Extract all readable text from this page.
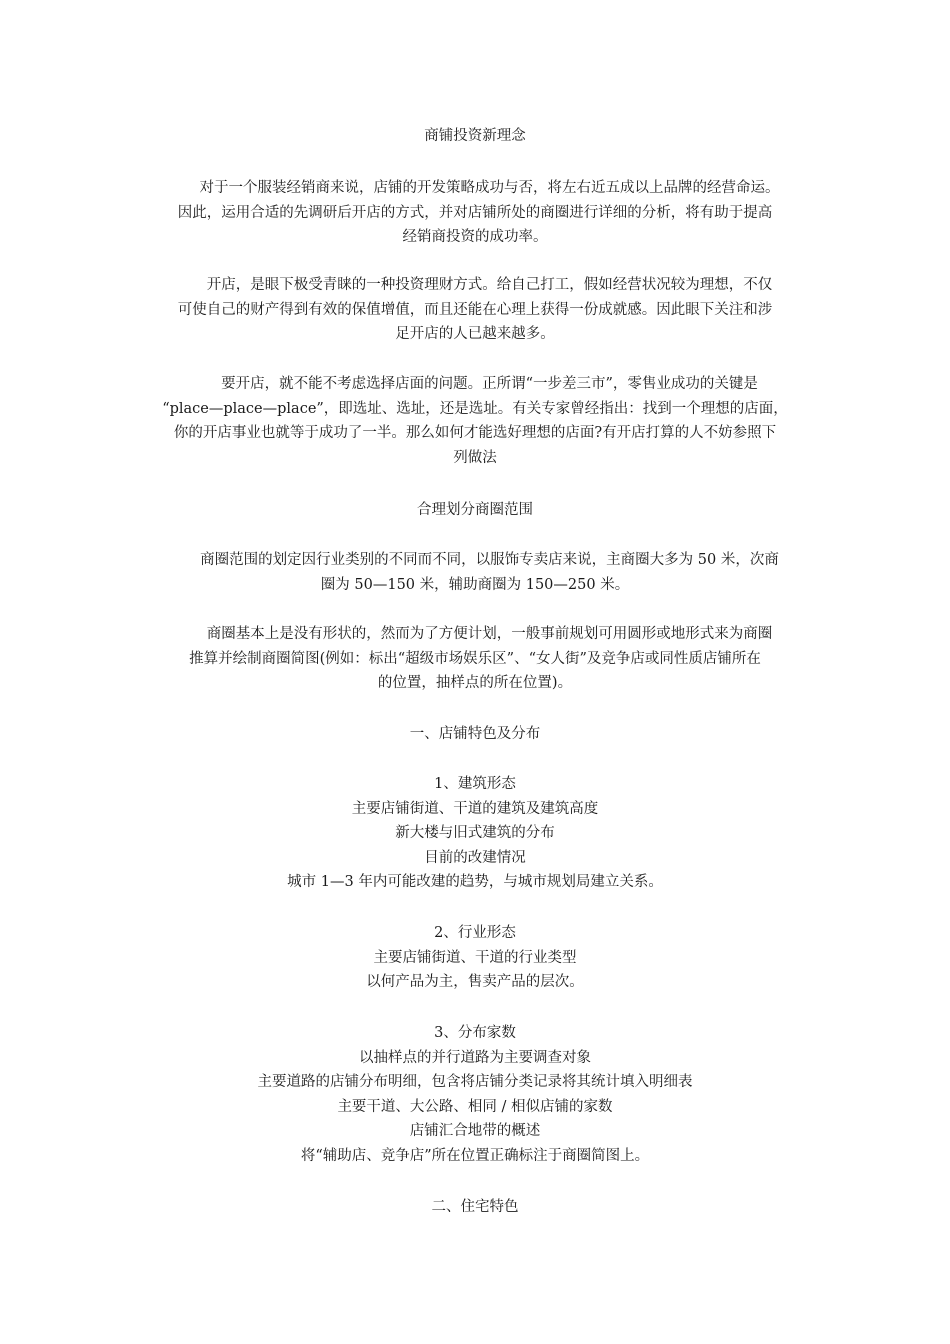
商铺投资新理念

　　对于一个服装经销商来说，店铺的开发策略成功与否，将左右近五成以上品牌的经营命运。
因此，运用合适的先调研后开店的方式，并对店铺所处的商圈进行详细的分析，将有助于提高
经销商投资的成功率。

　　开店，是眼下极受青睐的一种投资理财方式。给自己打工，假如经营状况较为理想，不仅
可使自己的财产得到有效的保值增值，而且还能在心理上获得一份成就感。因此眼下关注和涉
足开店的人已越来越多。

　　要开店，就不能不考虑选择店面的问题。正所谓“一步差三市”，零售业成功的关键是
“place—place—place”，即选址、选址，还是选址。有关专家曾经指出：找到一个理想的店面，
你的开店事业也就等于成功了一半。那么如何才能选好理想的店面?有开店打算的人不妨参照下
列做法

合理划分商圈范围

　　商圈范围的划定因行业类别的不同而不同，以服饰专卖店来说，主商圈大多为 50 米，次商
圈为 50—150 米，辅助商圈为 150—250 米。

　　商圈基本上是没有形状的，然而为了方便计划，一般事前规划可用圆形或地形式来为商圈
推算并绘制商圈简图(例如：标出“超级市场娱乐区”、“女人街”及竞争店或同性质店铺所在
的位置，抽样点的所在位置)。

一、店铺特色及分布
1、建筑形态
主要店铺街道、干道的建筑及建筑高度
新大楼与旧式建筑的分布
目前的改建情况
城市 1—3 年内可能改建的趋势，与城市规划局建立关系。
2、行业形态
主要店铺街道、干道的行业类型
以何产品为主，售卖产品的层次。
3、分布家数
以抽样点的并行道路为主要调查对象
主要道路的店铺分布明细，包含将店铺分类记录将其统计填入明细表
主要干道、大公路、相同 / 相似店铺的家数
店铺汇合地带的概述
将“辅助店、竞争店”所在位置正确标注于商圈简图上。
二、住宅特色
